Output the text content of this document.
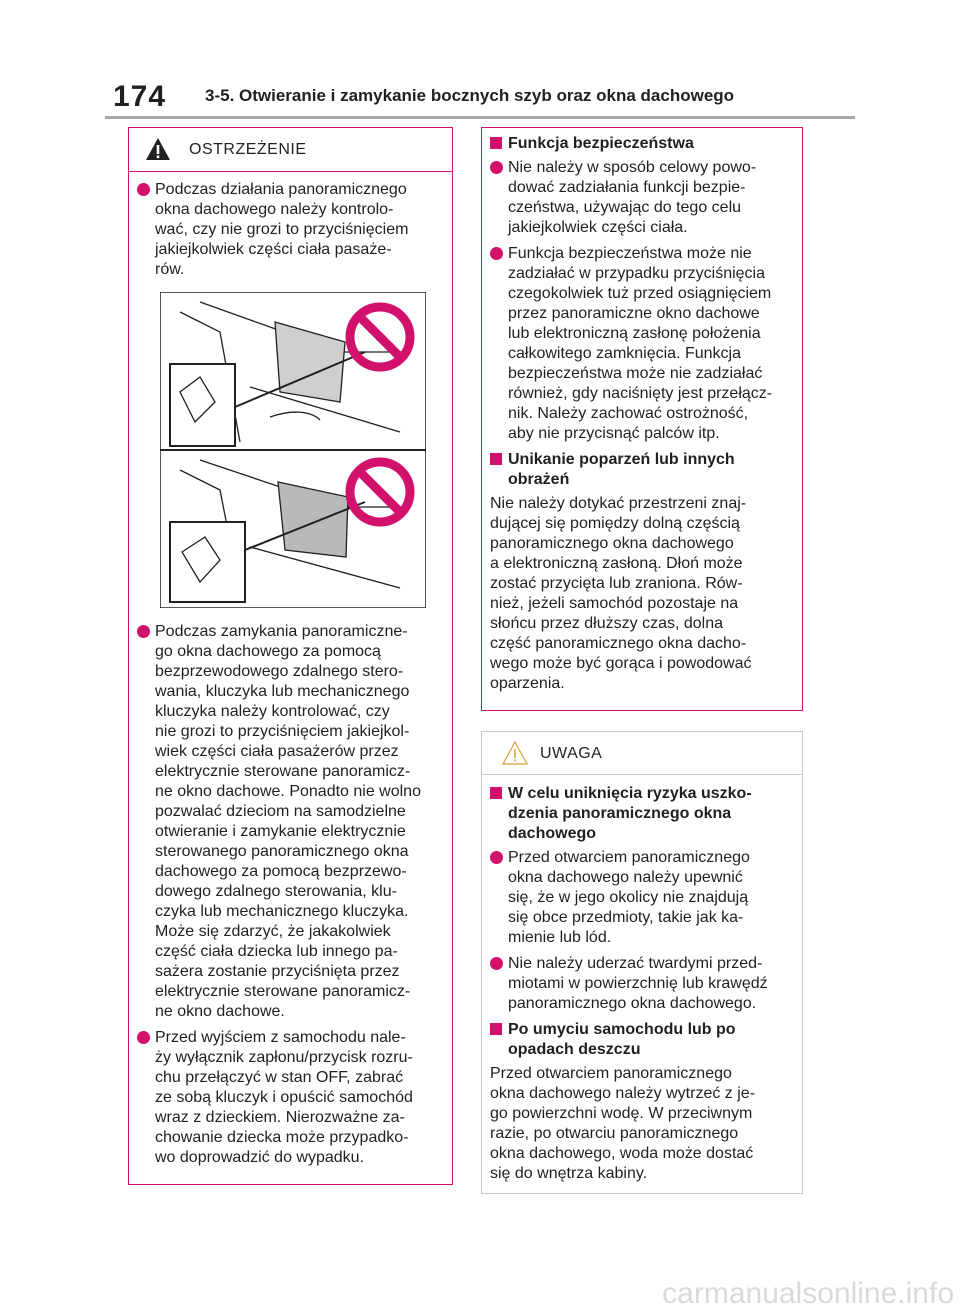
174 3-5. Otwieranie i zamykanie bocznych szyb oraz okna dachowego
OSTRZEŻENIE
Podczas działania panoramicznego
okna dachowego należy kontrolo-
wać, czy nie grozi to przyciśnięciem
jakiejkolwiek części ciała pasaże-
rów.
Podczas zamykania panoramiczne-
go okna dachowego za pomocą
bezprzewodowego zdalnego stero-
wania, kluczyka lub mechanicznego
kluczyka należy kontrolować, czy
nie grozi to przyciśnięciem jakiejkol-
wiek części ciała pasażerów przez
elektrycznie sterowane panoramicz-
ne okno dachowe. Ponadto nie wolno
pozwalać dzieciom na samodzielne
otwieranie i zamykanie elektrycznie
sterowanego panoramicznego okna
dachowego za pomocą bezprzewo-
dowego zdalnego sterowania, klu-
czyka lub mechanicznego kluczyka.
Może się zdarzyć, że jakakolwiek
część ciała dziecka lub innego pa-
sażera zostanie przyciśnięta przez
elektrycznie sterowane panoramicz-
ne okno dachowe.
Przed wyjściem z samochodu nale-
ży wyłącznik zapłonu/przycisk rozru-
chu przełączyć w stan OFF, zabrać
ze sobą kluczyk i opuścić samochód
wraz z dzieckiem. Nierozważne za-
chowanie dziecka może przypadko-
wo doprowadzić do wypadku.
Funkcja bezpieczeństwa
Nie należy w sposób celowy powo-
dować zadziałania funkcji bezpie-
czeństwa, używając do tego celu
jakiejkolwiek części ciała.
Funkcja bezpieczeństwa może nie
zadziałać w przypadku przyciśnięcia
czegokolwiek tuż przed osiągnięciem
przez panoramiczne okno dachowe
lub elektroniczną zasłonę położenia
całkowitego zamknięcia. Funkcja
bezpieczeństwa może nie zadziałać
również, gdy naciśnięty jest przełącz-
nik. Należy zachować ostrożność,
aby nie przycisnąć palców itp.
Unikanie poparzeń lub innych
obrażeń
Nie należy dotykać przestrzeni znaj-
dującej się pomiędzy dolną częścią
panoramicznego okna dachowego
a elektroniczną zasłoną. Dłoń może
zostać przycięta lub zraniona. Rów-
nież, jeżeli samochód pozostaje na
słońcu przez dłuższy czas, dolna
część panoramicznego okna dacho-
wego może być gorąca i powodować
oparzenia.
UWAGA
W celu uniknięcia ryzyka uszko-
dzenia panoramicznego okna
dachowego
Przed otwarciem panoramicznego
okna dachowego należy upewnić
się, że w jego okolicy nie znajdują
się obce przedmioty, takie jak ka-
mienie lub lód.
Nie należy uderzać twardymi przed-
miotami w powierzchnię lub krawędź
panoramicznego okna dachowego.
Po umyciu samochodu lub po
opadach deszczu
Przed otwarciem panoramicznego
okna dachowego należy wytrzeć z je-
go powierzchni wodę. W przeciwnym
razie, po otwarciu panoramicznego
okna dachowego, woda może dostać
się do wnętrza kabiny.
carmanualsonline.info
